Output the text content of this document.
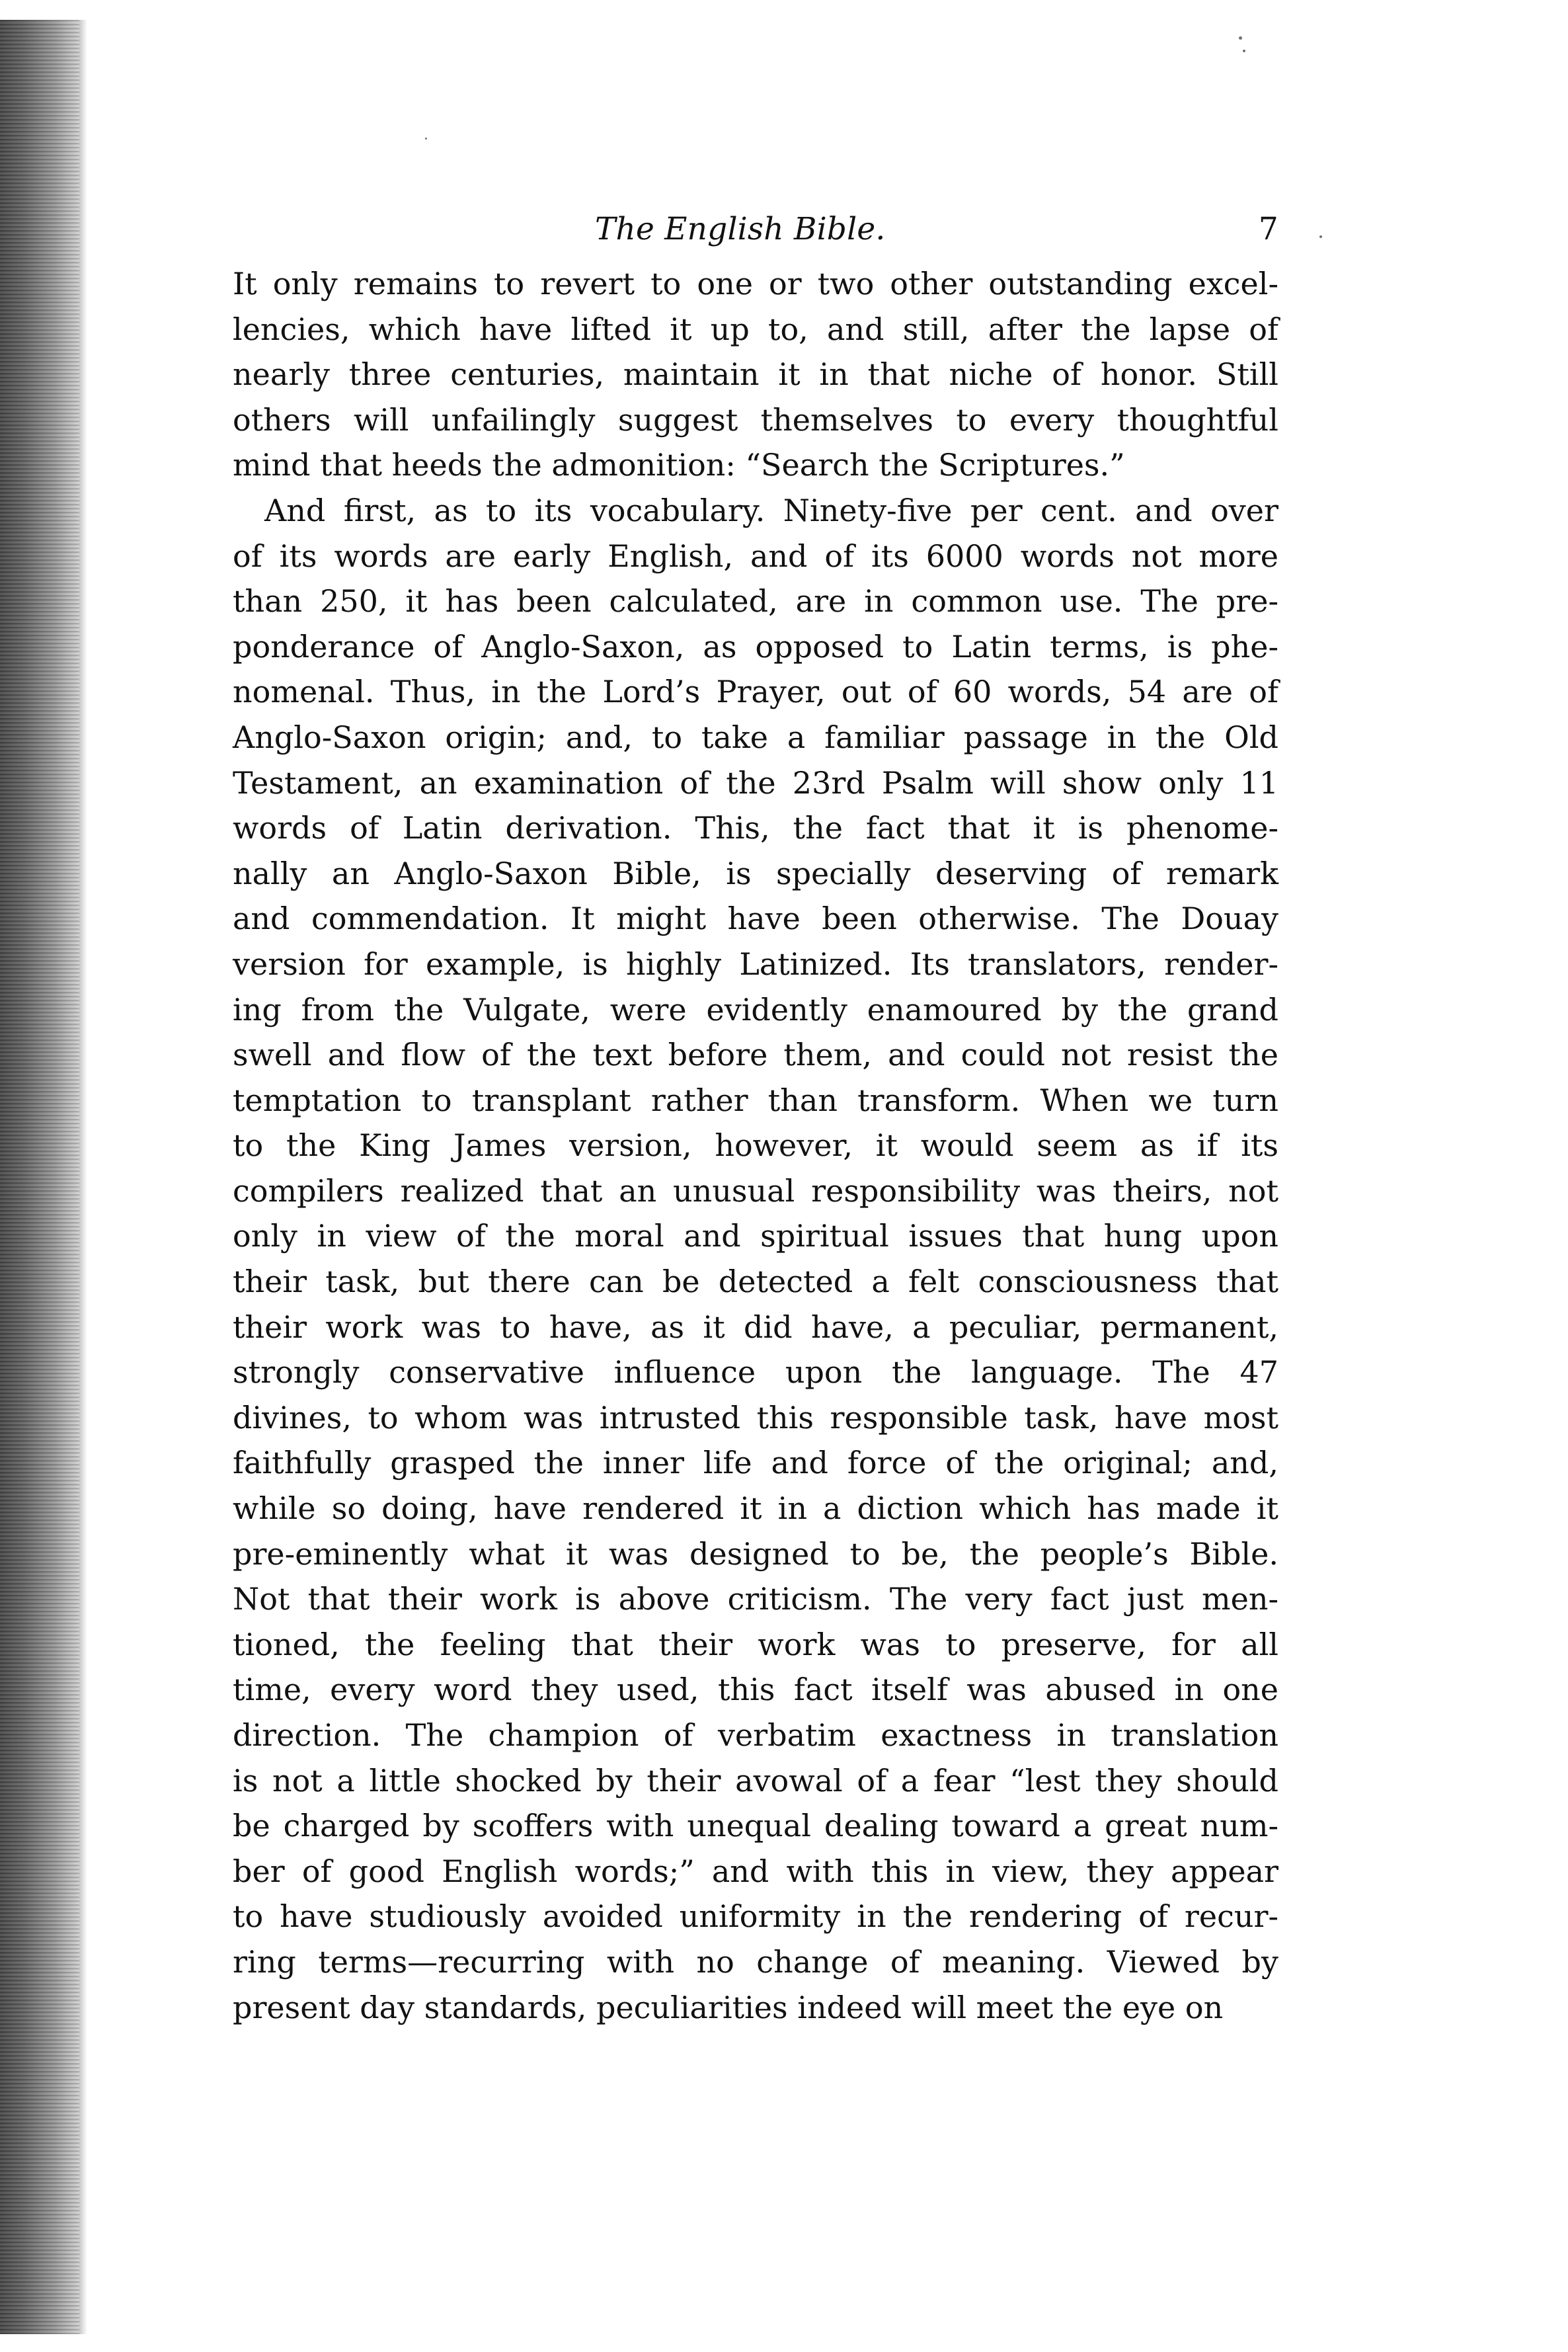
The English Bible.	7
It only remains to revert to one or two other outstanding excel-
lencies, which have lifted it up to, and still, after the lapse of
nearly three centuries, maintain it in that niche of honor. Still
others will unfailingly suggest themselves to every thoughtful
mind that heeds the admonition: “Search the Scriptures.”
And first, as to its vocabulary. Ninety-five per cent. and over
of its words are early English, and of its 6000 words not more
than 250, it has been calculated, are in common use. The pre-
ponderance of Anglo-Saxon, as opposed to Latin terms, is phe-
nomenal. Thus, in the Lord’s Prayer, out of 60 words, 54 are of
Anglo-Saxon origin; and, to take a familiar passage in the Old
Testament, an examination of the 23rd Psalm will show only 11
words of Latin derivation. This, the fact that it is phenome-
nally an Anglo-Saxon Bible, is specially deserving of remark
and commendation. It might have been otherwise. The Douay
version for example, is highly Latinized. Its translators, render-
ing from the Vulgate, were evidently enamoured by the grand
swell and flow of the text before them, and could not resist the
temptation to transplant rather than transform. When we turn
to the King James version, however, it would seem as if its
compilers realized that an unusual responsibility was theirs, not
only in view of the moral and spiritual issues that hung upon
their task, but there can be detected a felt consciousness that
their work was to have, as it did have, a peculiar, permanent,
strongly conservative influence upon the language. The 47
divines, to whom was intrusted this responsible task, have most
faithfully grasped the inner life and force of the original; and,
while so doing, have rendered it in a diction which has made it
pre-eminently what it was designed to be, the people’s Bible.
Not that their work is above criticism. The very fact just men-
tioned, the feeling that their work was to preserve, for all
time, every word they used, this fact itself was abused in one
direction. The champion of verbatim exactness in translation
is not a little shocked by their avowal of a fear “lest they should
be charged by scoffers with unequal dealing toward a great num-
ber of good English words;” and with this in view, they appear
to have studiously avoided uniformity in the rendering of recur-
ring terms—recurring with no change of meaning. Viewed by
present day standards, peculiarities indeed will meet the eye on
